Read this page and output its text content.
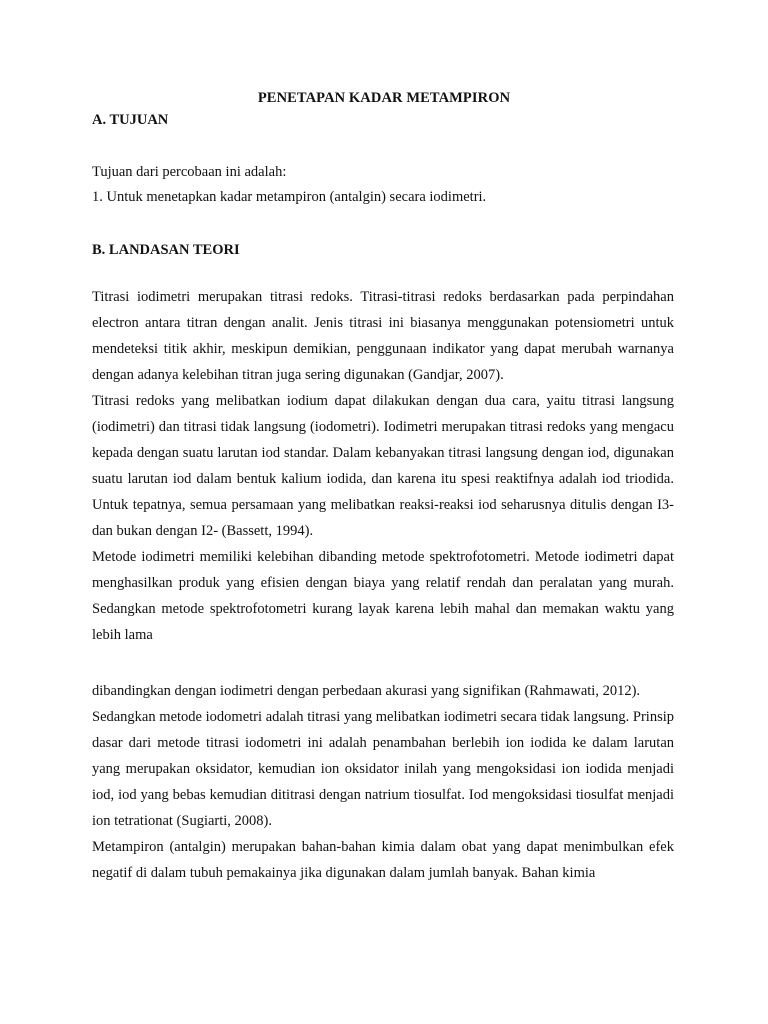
PENETAPAN KADAR METAMPIRON
A. TUJUAN
Tujuan dari percobaan ini adalah:
1. Untuk menetapkan kadar metampiron (antalgin) secara iodimetri.
B. LANDASAN TEORI

Titrasi iodimetri merupakan titrasi redoks. Titrasi-titrasi redoks berdasarkan pada perpindahan electron antara titran dengan analit. Jenis titrasi ini biasanya menggunakan potensiometri untuk mendeteksi titik akhir, meskipun demikian, penggunaan indikator yang dapat merubah warnanya dengan adanya kelebihan titran juga sering digunakan (Gandjar, 2007).

Titrasi redoks yang melibatkan iodium dapat dilakukan dengan dua cara, yaitu titrasi langsung (iodimetri) dan titrasi tidak langsung (iodometri). Iodimetri merupakan titrasi redoks yang mengacu kepada dengan suatu larutan iod standar. Dalam kebanyakan titrasi langsung dengan iod, digunakan suatu larutan iod dalam bentuk kalium iodida, dan karena itu spesi reaktifnya adalah iod triodida. Untuk tepatnya, semua persamaan yang melibatkan reaksi-reaksi iod seharusnya ditulis dengan I3- dan bukan dengan I2- (Bassett, 1994).

Metode iodimetri memiliki kelebihan dibanding metode spektrofotometri. Metode iodimetri dapat menghasilkan produk yang efisien dengan biaya yang relatif rendah dan peralatan yang murah. Sedangkan metode spektrofotometri kurang layak karena lebih mahal dan memakan waktu yang lebih lama

dibandingkan dengan iodimetri dengan perbedaan akurasi yang signifikan (Rahmawati, 2012).

Sedangkan metode iodometri adalah titrasi yang melibatkan iodimetri secara tidak langsung. Prinsip dasar dari metode titrasi iodometri ini adalah penambahan berlebih ion iodida ke dalam larutan yang merupakan oksidator, kemudian ion oksidator inilah yang mengoksidasi ion iodida menjadi iod, iod yang bebas kemudian dititrasi dengan natrium tiosulfat. Iod mengoksidasi tiosulfat menjadi ion tetrationat (Sugiarti, 2008).

Metampiron (antalgin) merupakan bahan-bahan kimia dalam obat yang dapat menimbulkan efek negatif di dalam tubuh pemakainya jika digunakan dalam jumlah banyak. Bahan kimia
